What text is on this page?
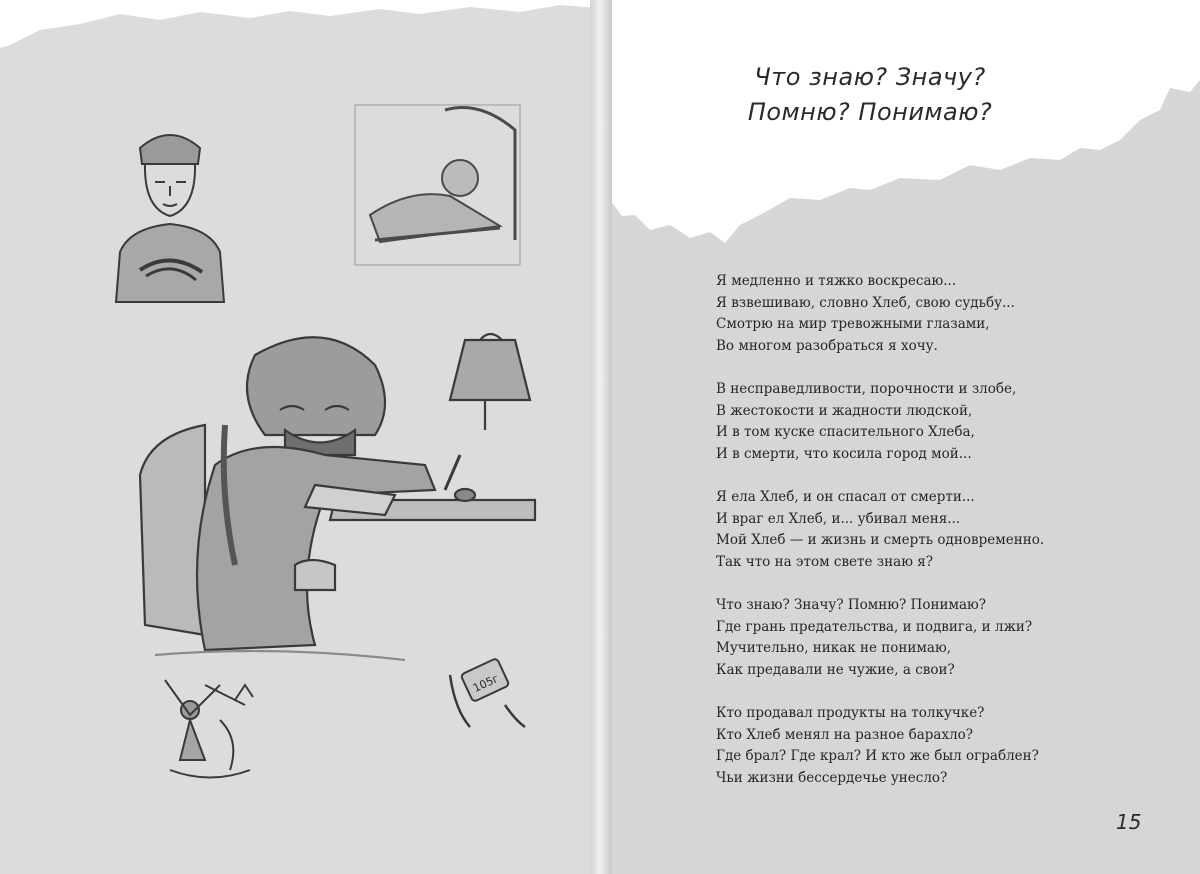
105г
Что знаю? Значу?
Помню? Понимаю?
Я медленно и тяжко воскресаю...
Я взвешиваю, словно Хлеб, свою судьбу...
Смотрю на мир тревожными глазами,
Во многом разобраться я хочу.
В несправедливости, порочности и злобе,
В жестокости и жадности людской,
И в том куске спасительного Хлеба,
И в смерти, что косила город мой...
Я ела Хлеб, и он спасал от смерти...
И враг ел Хлеб, и... убивал меня...
Мой Хлеб — и жизнь и смерть одновременно.
Так что на этом свете знаю я?
Что знаю? Значу? Помню? Понимаю?
Где грань предательства, и подвига, и лжи?
Мучительно, никак не понимаю,
Как предавали не чужие, а свои?
Кто продавал продукты на толкучке?
Кто Хлеб менял на разное барахло?
Где брал? Где крал? И кто же был ограблен?
Чьи жизни бессердечье унесло?
15
